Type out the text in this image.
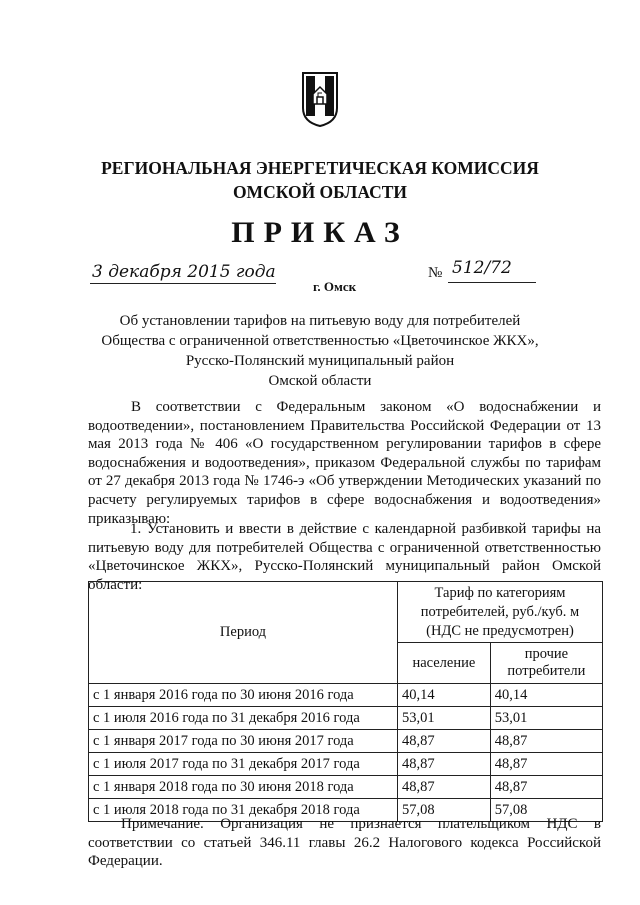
РЕГИОНАЛЬНАЯ ЭНЕРГЕТИЧЕСКАЯ КОМИССИЯ
ОМСКОЙ ОБЛАСТИ
ПРИКАЗ
3 декабря 2015 года	№ 512/72
г. Омск
Об установлении тарифов на питьевую воду для потребителей
Общества с ограниченной ответственностью «Цветочинское ЖКХ»,
Русско-Полянский муниципальный район
Омской области
В соответствии с Федеральным законом «О водоснабжении и водоотведении», постановлением Правительства Российской Федерации от 13 мая 2013 года № 406 «О государственном регулировании тарифов в сфере водоснабжения и водоотведения», приказом Федеральной службы по тарифам от 27 декабря 2013 года № 1746-э «Об утверждении Методических указаний по расчету регулируемых тарифов в сфере водоснабжения и водоотведения» приказываю:
1. Установить и ввести в действие с календарной разбивкой тарифы на питьевую воду для потребителей Общества с ограниченной ответственностью «Цветочинское ЖКХ», Русско-Полянский муниципальный район Омской области:
Период	Тариф по категориям
потребителей, руб./куб. м
(НДС не предусмотрен)	
	население	прочие
потребители
с 1 января 2016 года по 30 июня 2016 года	40,14	40,14
с 1 июля 2016 года по 31 декабря 2016 года	53,01	53,01
с 1 января 2017 года по 30 июня 2017 года	48,87	48,87
с 1 июля 2017 года по 31 декабря 2017 года	48,87	48,87
с 1 января 2018 года по 30 июня 2018 года	48,87	48,87
с 1 июля 2018 года по 31 декабря 2018 года	57,08	57,08
Примечание. Организация не признается плательщиком НДС в соответствии со статьей 346.11 главы 26.2 Налогового кодекса Российской Федерации.
